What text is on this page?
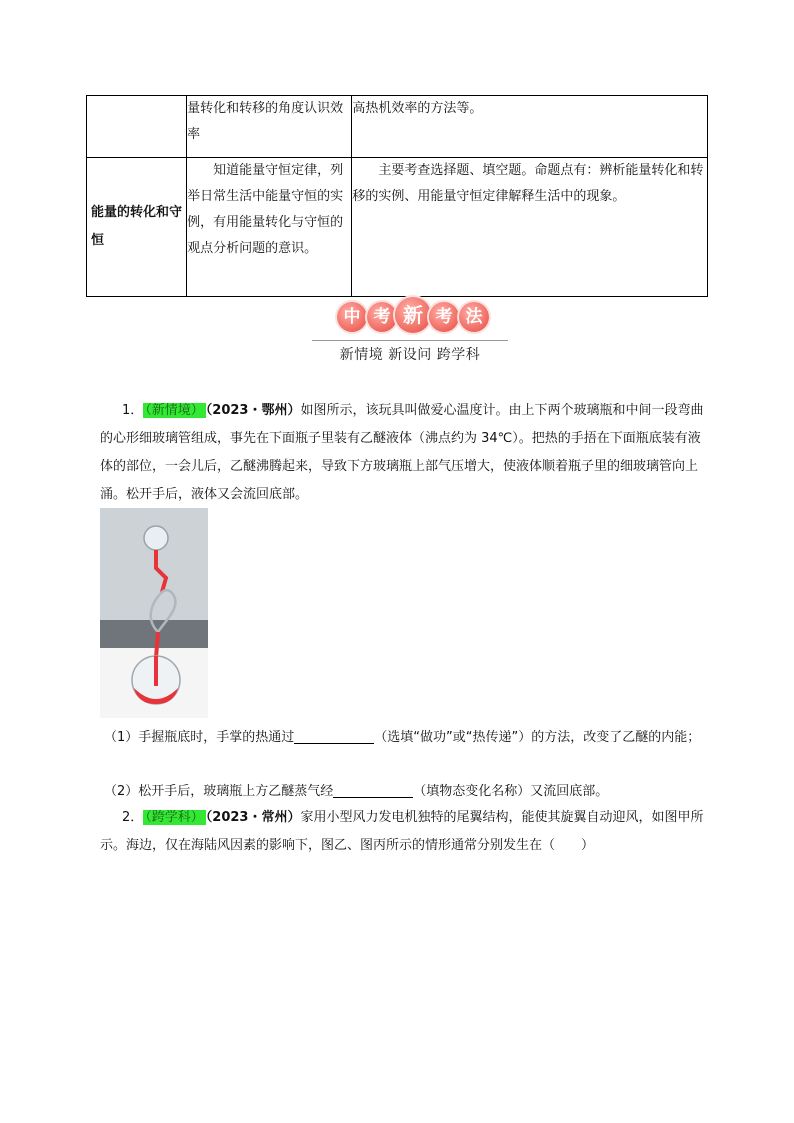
	量转化和转移的角度认识效率	高热机效率的方法等。
能量的转化和守恒	知道能量守恒定律，列举日常生活中能量守恒的实例，有用能量转化与守恒的观点分析问题的意识。	主要考查选择题、填空题。命题点有：辨析能量转化和转移的实例、用能量守恒定律解释生活中的现象。
中 考 新 考 法
新情境 新设问 跨学科
1． （新情境） （2023・鄂州）如图所示，该玩具叫做爱心温度计。由上下两个玻璃瓶和中间一段弯曲的心形细玻璃管组成，事先在下面瓶子里装有乙醚液体（沸点约为 34℃）。把热的手捂在下面瓶底装有液体的部位，一会儿后，乙醚沸腾起来，导致下方玻璃瓶上部气压增大，使液体顺着瓶子里的细玻璃管向上涌。松开手后，液体又会流回底部。
（1）手握瓶底时，手掌的热通过	（选填“做功”或“热传递”）的方法，改变了乙醚的内能；
（2）松开手后，玻璃瓶上方乙醚蒸气经	（填物态变化名称）又流回底部。
2． （跨学科） （2023・常州）家用小型风力发电机独特的尾翼结构，能使其旋翼自动迎风，如图甲所示。海边，仅在海陆风因素的影响下，图乙、图丙所示的情形通常分别发生在（　　）
